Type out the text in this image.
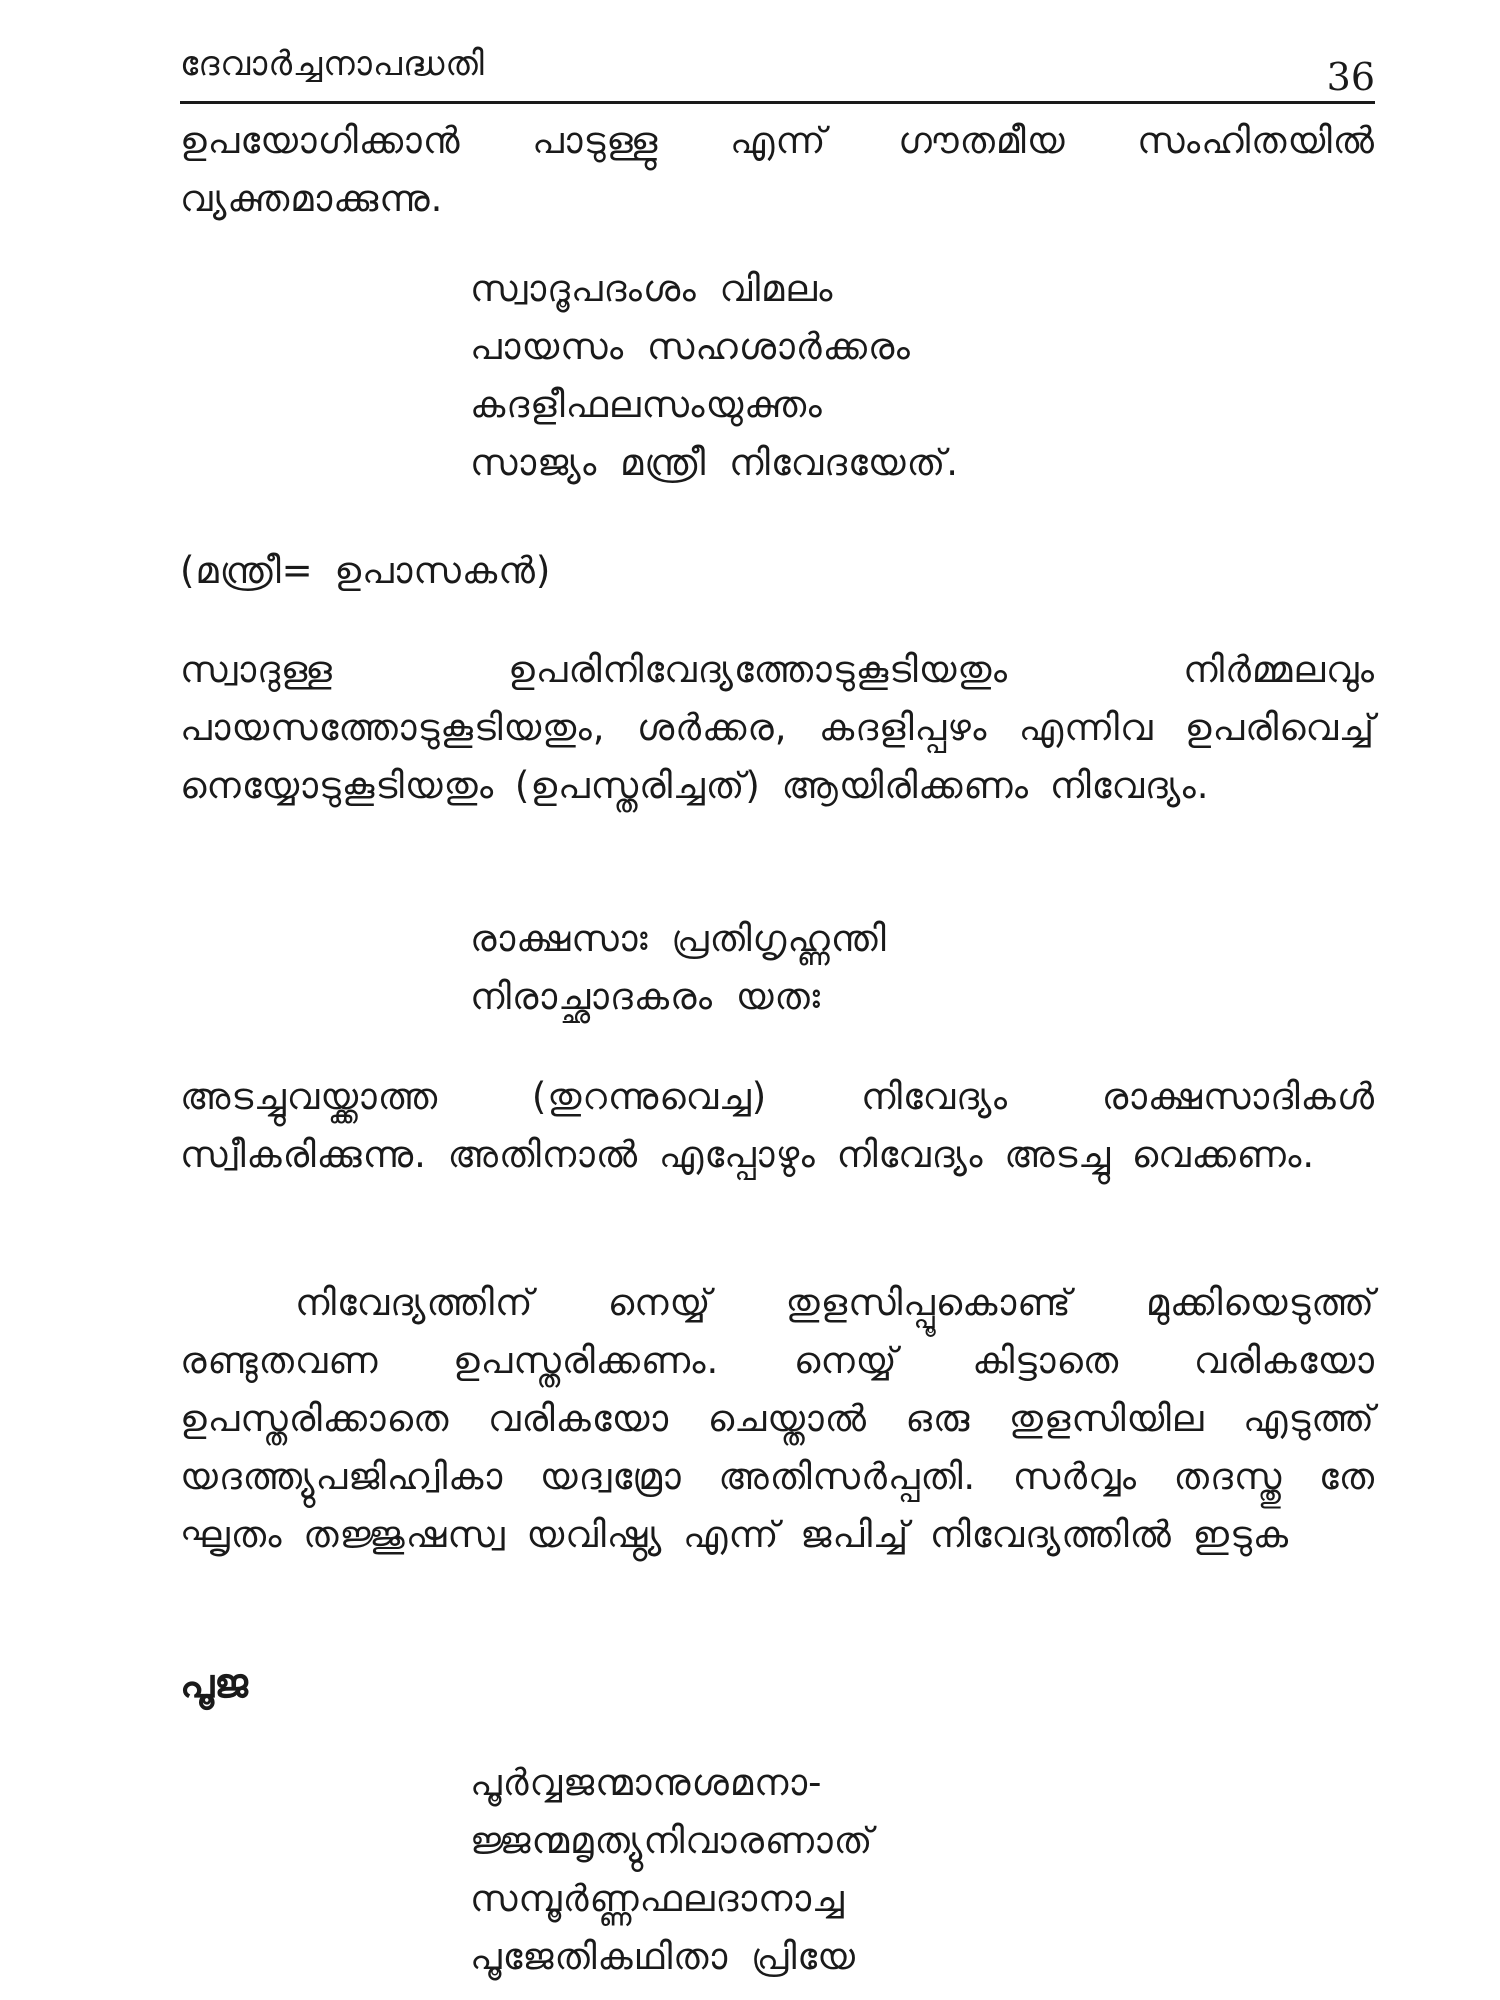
ദേവാർച്ചനാപദ്ധതി	36
ഉപയോഗിക്കാൻ പാടുള്ളു എന്ന് ഗൗതമീയ സംഹിതയിൽ വ്യക്തമാക്കുന്നു.
സ്വാദൂപദംശം വിമലം
പായസം സഹശാർക്കരം
കദളീഫലസംയുക്തം
സാജ്യം മന്ത്രീ നിവേദയേത്.
(മന്ത്രീ= ഉപാസകൻ)
സ്വാദുള്ള ഉപരിനിവേദ്യത്തോടുകൂടിയതും നിർമ്മലവും പായസത്തോടുകൂടിയതും, ശർക്കര, കദളിപ്പഴം എന്നിവ ഉപരിവെച്ച് നെയ്യോടുകൂടിയതും (ഉപസ്തരിച്ചത്) ആയിരിക്കണം നിവേദ്യം.
രാക്ഷസാഃ പ്രതിഗൃഹ്ണന്തി
നിരാച്ഛാദകരം യതഃ
അടച്ചുവയ്ക്കാത്ത (തുറന്നുവെച്ച) നിവേദ്യം രാക്ഷസാദികൾ സ്വീകരിക്കുന്നു. അതിനാൽ എപ്പോഴും നിവേദ്യം അടച്ചു വെക്കണം.
നിവേദ്യത്തിന് നെയ്യ് തുളസിപ്പൂകൊണ്ട് മുക്കിയെടുത്ത് രണ്ടുതവണ ഉപസ്തരിക്കണം. നെയ്യ് കിട്ടാതെ വരികയോ ഉപസ്തരിക്കാതെ വരികയോ ചെയ്താൽ ഒരു തുളസിയില എടുത്ത് യദത്ത്യുപജിഹ്വികാ യദ്വമ്രോ അതിസർപ്പതി. സർവ്വം തദസ്തു തേ ഘൃതം തജ്ജുഷസ്വ യവിഷ്ഠ്യ എന്ന് ജപിച്ച് നിവേദ്യത്തിൽ ഇടുക
പൂജ
പൂർവ്വജന്മാനുശമനാ-
ജ്ജന്മമൃത്യുനിവാരണാത്
സമ്പൂർണ്ണഫലദാനാച്ച
പൂജേതികഥിതാ പ്രിയേ
